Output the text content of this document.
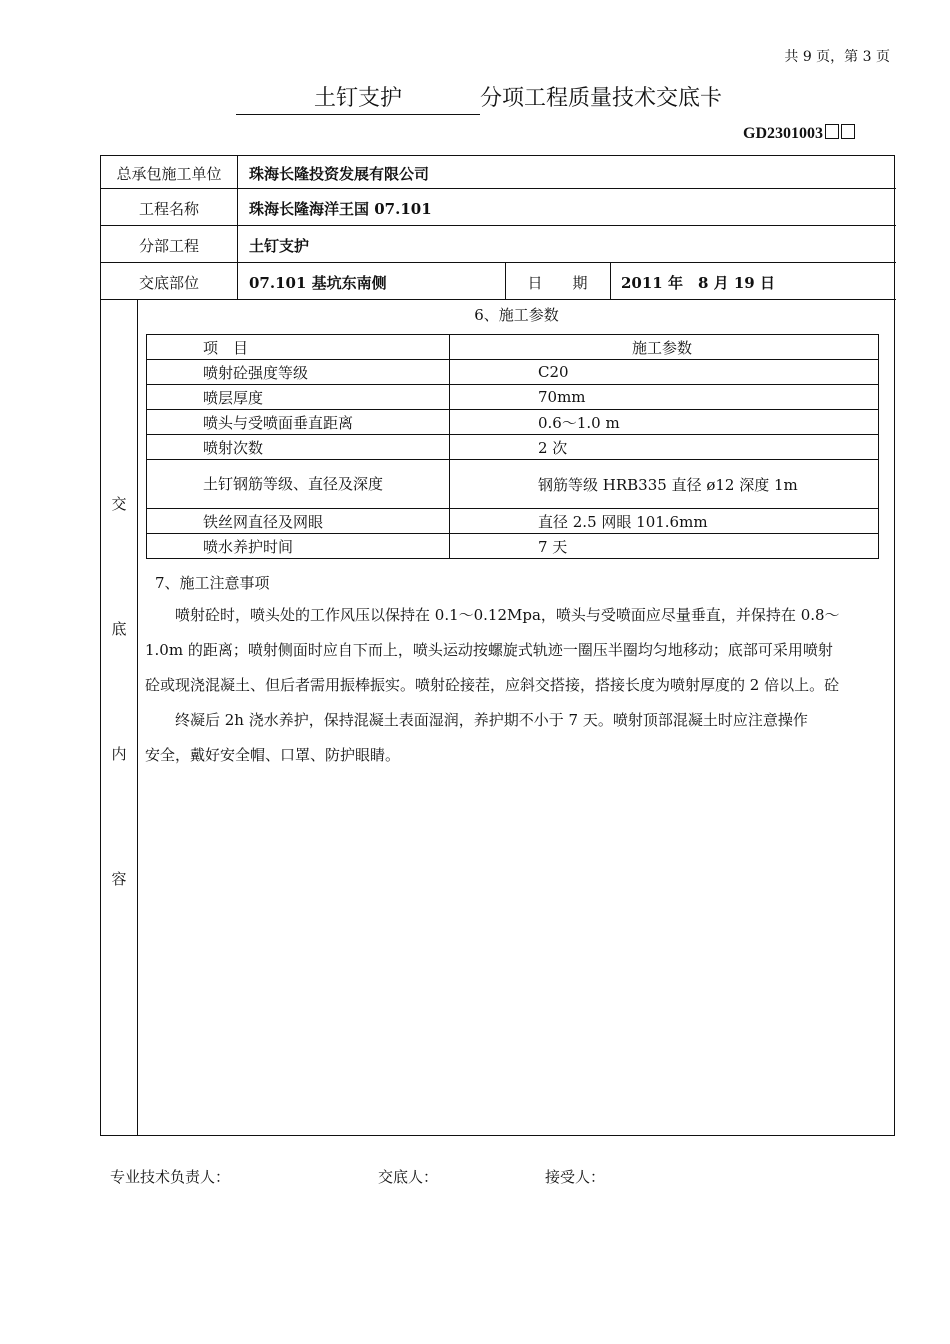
共 9 页，第 3 页
土钉支护	分项工程质量技术交底卡
GD2301003
总承包施工单位	珠海长隆投资发展有限公司
工程名称	珠海长隆海洋王国 07.101
分部工程	土钉支护
交底部位	07.101 基坑东南侧	日　　期	2011 年　8 月 19 日
交
底
内
容
6、施工参数
项　目	施工参数
喷射砼强度等级	C20
喷层厚度	70mm
喷头与受喷面垂直距离	0.6～1.0 m
喷射次数	2 次
土钉钢筋等级、直径及深度	钢筋等级 HRB335 直径 ø12 深度 1m
铁丝网直径及网眼	直径 2.5 网眼 101.6mm
喷水养护时间	7 天
7、施工注意事项

　　喷射砼时，喷头处的工作风压以保持在 0.1～0.12Mpa，喷头与受喷面应尽量垂直，并保持在 0.8～

1.0m 的距离；喷射侧面时应自下而上，喷头运动按螺旋式轨迹一圈压半圈均匀地移动；底部可采用喷射

砼或现浇混凝土、但后者需用振棒振实。喷射砼接茬，应斜交搭接，搭接长度为喷射厚度的 2 倍以上。砼

　　终凝后 2h 浇水养护，保持混凝土表面湿润，养护期不小于 7 天。喷射顶部混凝土时应注意操作

安全，戴好安全帽、口罩、防护眼睛。

专业技术负责人：	交底人：	接受人：
